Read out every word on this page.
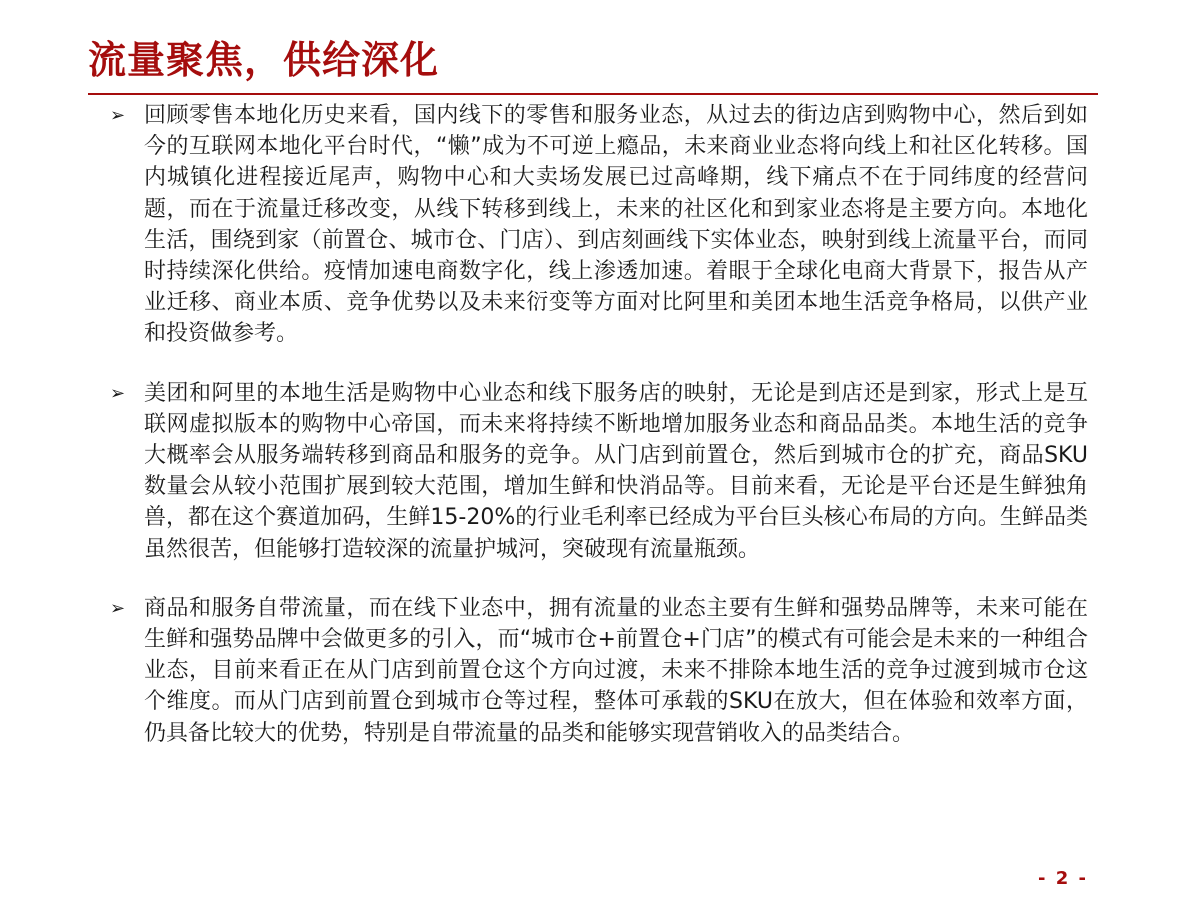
流量聚焦，供给深化

➢ 回顾零售本地化历史来看，国内线下的零售和服务业态，从过去的街边店到购物中心，然后到如今的互联网本地化平台时代，“懒”成为不可逆上瘾品，未来商业业态将向线上和社区化转移。国内城镇化进程接近尾声，购物中心和大卖场发展已过高峰期，线下痛点不在于同纬度的经营问题，而在于流量迁移改变，从线下转移到线上，未来的社区化和到家业态将是主要方向。本地化生活，围绕到家（前置仓、城市仓、门店）、到店刻画线下实体业态，映射到线上流量平台，而同时持续深化供给。疫情加速电商数字化，线上渗透加速。着眼于全球化电商大背景下，报告从产业迁移、商业本质、竞争优势以及未来衍变等方面对比阿里和美团本地生活竞争格局，以供产业和投资做参考。

➢ 美团和阿里的本地生活是购物中心业态和线下服务店的映射，无论是到店还是到家，形式上是互联网虚拟版本的购物中心帝国，而未来将持续不断地增加服务业态和商品品类。本地生活的竞争大概率会从服务端转移到商品和服务的竞争。从门店到前置仓，然后到城市仓的扩充，商品SKU数量会从较小范围扩展到较大范围，增加生鲜和快消品等。目前来看，无论是平台还是生鲜独角兽，都在这个赛道加码，生鲜15-20%的行业毛利率已经成为平台巨头核心布局的方向。生鲜品类虽然很苦，但能够打造较深的流量护城河，突破现有流量瓶颈。

➢ 商品和服务自带流量，而在线下业态中，拥有流量的业态主要有生鲜和强势品牌等，未来可能在生鲜和强势品牌中会做更多的引入，而“城市仓+前置仓+门店”的模式有可能会是未来的一种组合业态，目前来看正在从门店到前置仓这个方向过渡，未来不排除本地生活的竞争过渡到城市仓这个维度。而从门店到前置仓到城市仓等过程，整体可承载的SKU在放大，但在体验和效率方面，仍具备比较大的优势，特别是自带流量的品类和能够实现营销收入的品类结合。

- 2 -
